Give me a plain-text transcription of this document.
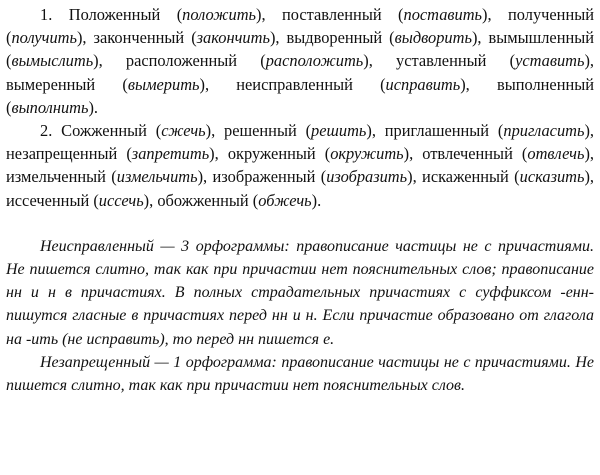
1. Положенный (положить), поставленный (поставить), полученный (получить), законченный (закончить), выдворенный (выдворить), вымышленный (вымыслить), расположенный (расположить), уставленный (уставить), вымеренный (вымерить), неисправленный (исправить), выполненный (выполнить).

2. Сожженный (сжечь), решенный (решить), приглашенный (пригласить), незапрещенный (запретить), окруженный (окружить), отвлеченный (отвлечь), измельченный (измельчить), изображенный (изобразить), искаженный (исказить), иссеченный (иссечь), обожженный (обжечь).

Неисправленный — 3 орфограммы: правописание частицы не с причастиями. Не пишется слитно, так как при причастии нет пояснительных слов; правописание нн и н в причастиях. В полных страдательных причастиях с суффиксом -енн- пишутся гласные в причастиях перед нн и н. Если причастие образовано от глагола на -ить (не исправить), то перед нн пишется е.

Незапрещенный — 1 орфограмма: правописание частицы не с причастиями. Не пишется слитно, так как при причастии нет пояснительных слов.
